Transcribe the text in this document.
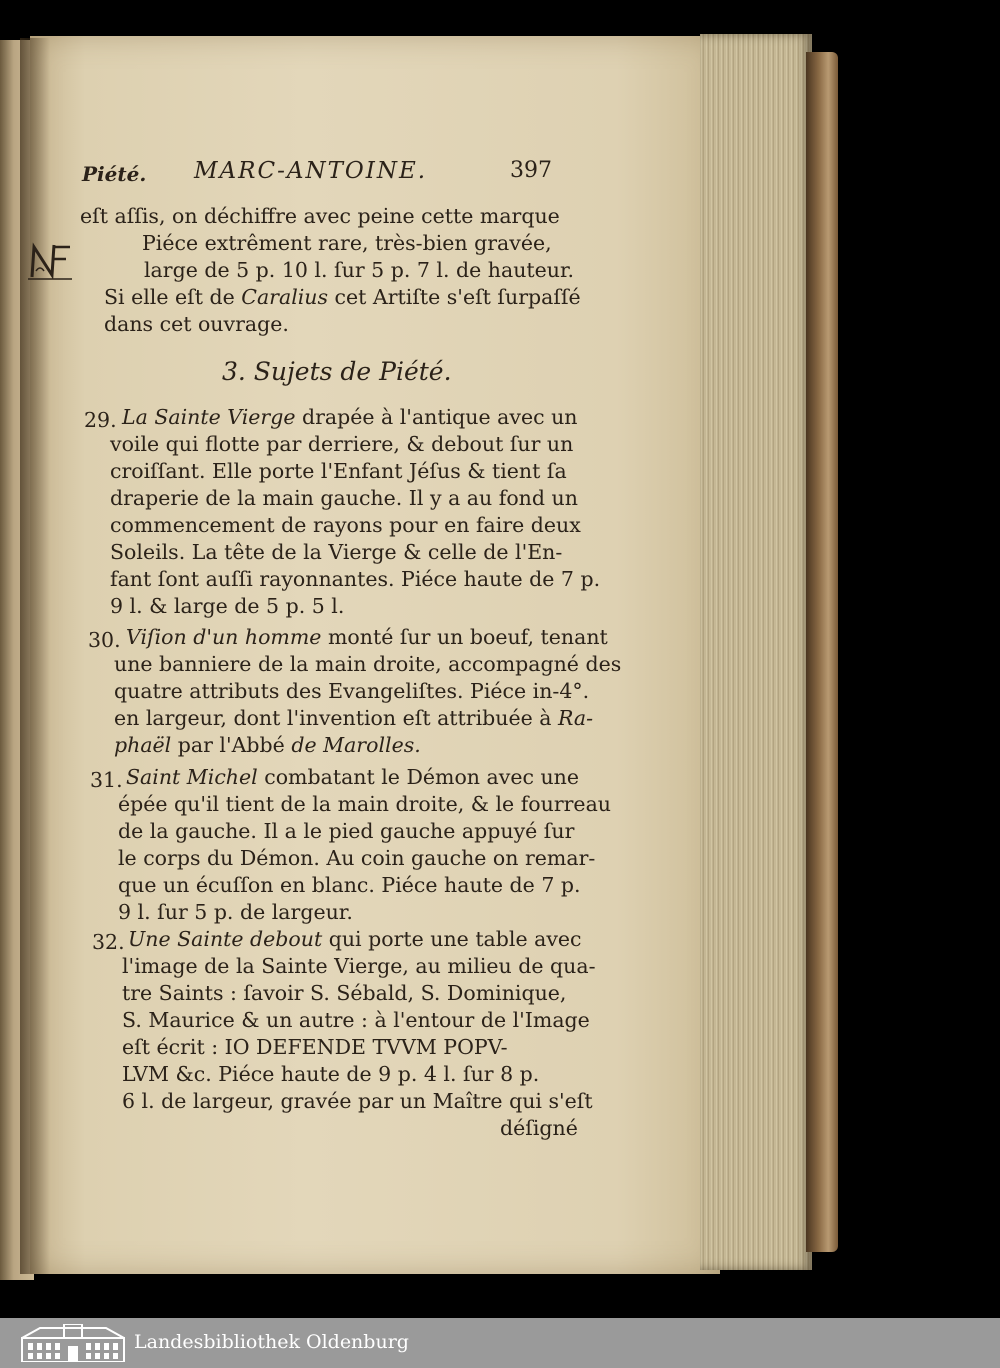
Piété. MARC-ANTOINE.	397
eſt aſſis, on déchiffre avec peine cette marque
Piéce extrêment rare, très-bien gravée,
large de 5 p. 10 l. ſur 5 p. 7 l. de hauteur.
Si elle eſt de Caralius cet Artiſte s'eſt ſurpaſſé
dans cet ouvrage.
3. Sujets de Piété.
29. La Sainte Vierge drapée à l'antique avec un
voile qui flotte par derriere, & debout ſur un
croiſſant. Elle porte l'Enfant Jéſus & tient ſa
draperie de la main gauche. Il y a au fond un
commencement de rayons pour en faire deux
Soleils. La tête de la Vierge & celle de l'En-
fant ſont auſſi rayonnantes. Piéce haute de 7 p.
9 l. & large de 5 p. 5 l.
30. Viſion d'un homme monté ſur un boeuf, tenant
une banniere de la main droite, accompagné des
quatre attributs des Evangeliſtes. Piéce in-4°.
en largeur, dont l'invention eſt attribuée à Ra-
phaël par l'Abbé de Marolles.
31. Saint Michel combatant le Démon avec une
épée qu'il tient de la main droite, & le fourreau
de la gauche. Il a le pied gauche appuyé ſur
le corps du Démon. Au coin gauche on remar-
que un écuſſon en blanc. Piéce haute de 7 p.
9 l. ſur 5 p. de largeur.
32. Une Sainte debout qui porte une table avec
l'image de la Sainte Vierge, au milieu de qua-
tre Saints : ſavoir S. Sébald, S. Dominique,
S. Maurice & un autre : à l'entour de l'Image
eſt écrit : IO DEFENDE TVVM POPV-
LVM &c. Piéce haute de 9 p. 4 l. ſur 8 p.
6 l. de largeur, gravée par un Maître qui s'eſt
déſigné
Landesbibliothek Oldenburg
